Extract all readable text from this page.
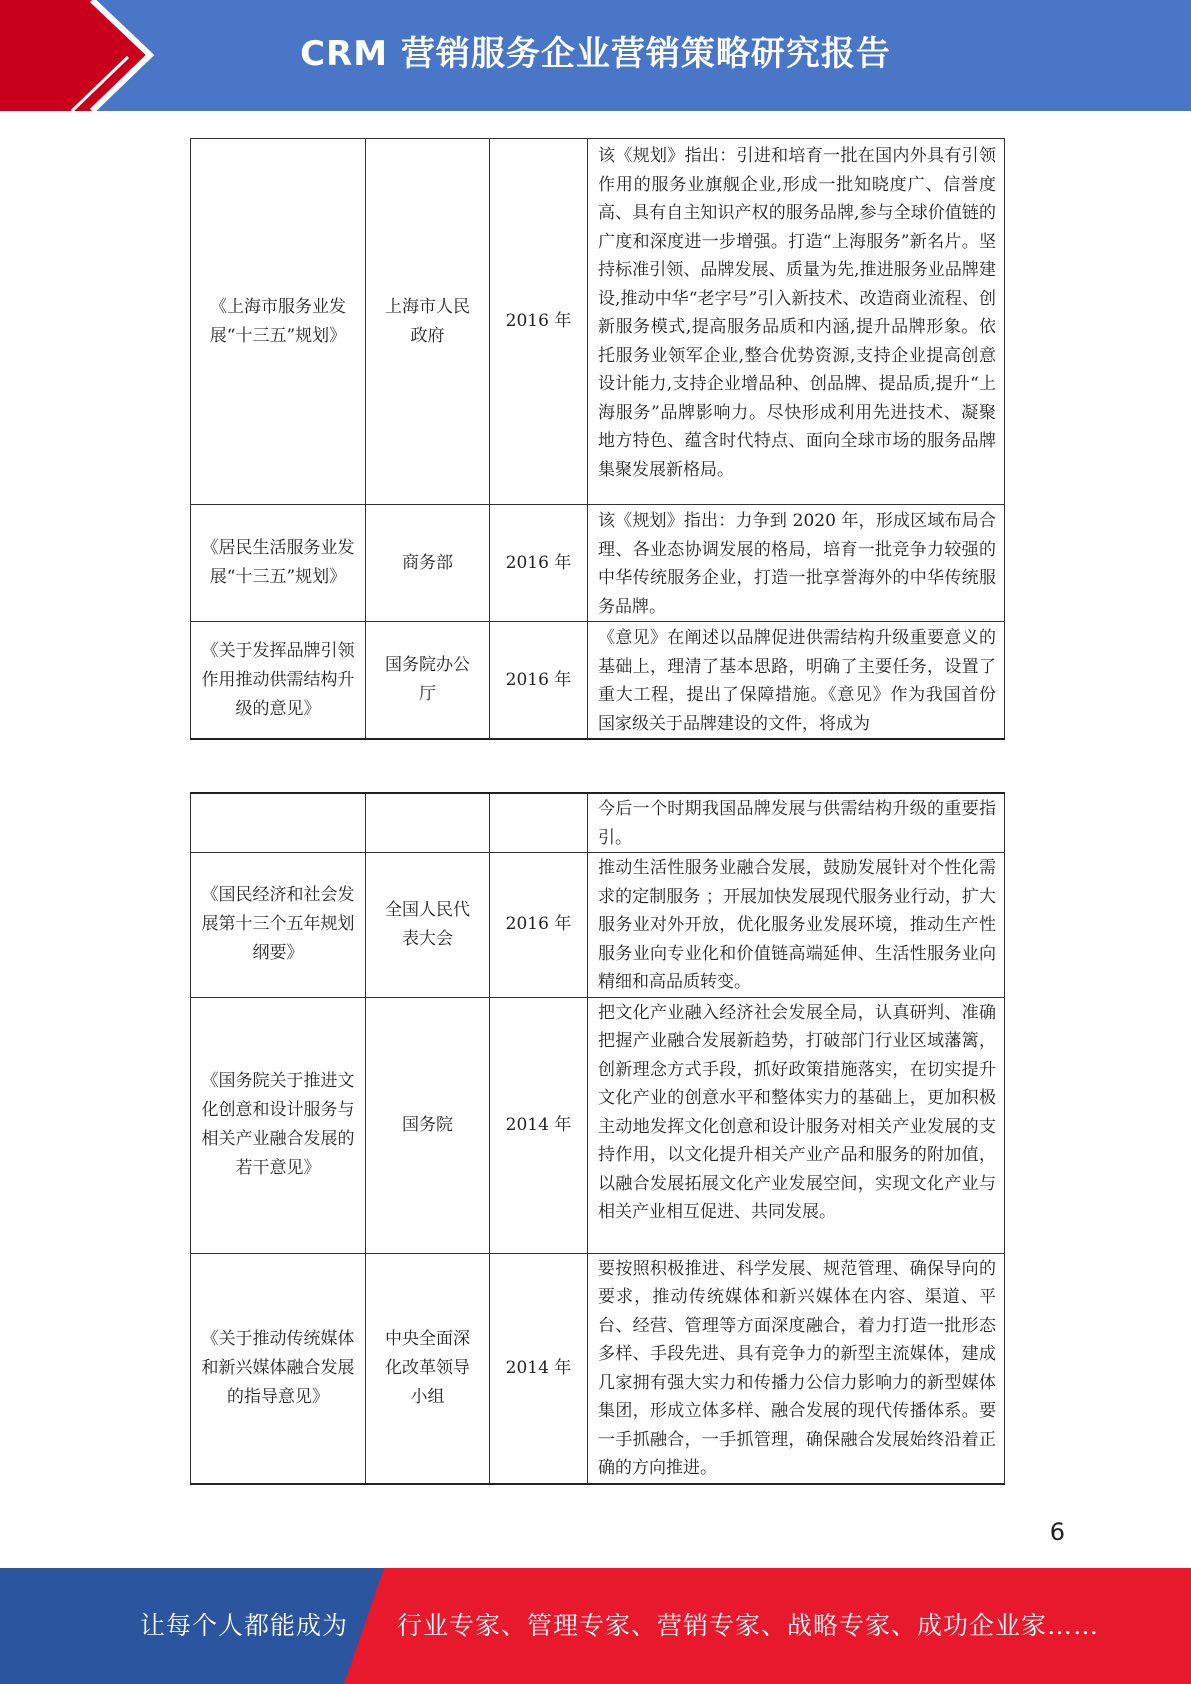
CRM 营销服务企业营销策略研究报告
《上海市服务业发展“十三五”规划》	上海市人民政府	2016 年	该《规划》指出：引进和培育一批在国内外具有引领作用的服务业旗舰企业,形成一批知晓度广、信誉度高、具有自主知识产权的服务品牌,参与全球价值链的广度和深度进一步增强。打造“上海服务”新名片。坚持标准引领、品牌发展、质量为先,推进服务业品牌建设,推动中华“老字号”引入新技术、改造商业流程、创新服务模式,提高服务品质和内涵,提升品牌形象。依托服务业领军企业,整合优势资源,支持企业提高创意设计能力,支持企业增品种、创品牌、提品质,提升“上海服务”品牌影响力。尽快形成利用先进技术、凝聚地方特色、蕴含时代特点、面向全球市场的服务品牌集聚发展新格局。
《居民生活服务业发展“十三五”规划》	商务部	2016 年	该《规划》指出：力争到 2020 年，形成区域布局合理、各业态协调发展的格局，培育一批竞争力较强的中华传统服务企业，打造一批享誉海外的中华传统服务品牌。
《关于发挥品牌引领作用推动供需结构升级的意见》	国务院办公厅	2016 年	《意见》在阐述以品牌促进供需结构升级重要意义的基础上，理清了基本思路，明确了主要任务，设置了重大工程，提出了保障措施。《意见》作为我国首份国家级关于品牌建设的文件，将成为
			今后一个时期我国品牌发展与供需结构升级的重要指引。
《国民经济和社会发展第十三个五年规划纲要》	全国人民代表大会	2016 年	推动生活性服务业融合发展，鼓励发展针对个性化需求的定制服务 ；开展加快发展现代服务业行动，扩大服务业对外开放，优化服务业发展环境，推动生产性服务业向专业化和价值链高端延伸、生活性服务业向精细和高品质转变。
《国务院关于推进文化创意和设计服务与相关产业融合发展的若干意见》	国务院	2014 年	把文化产业融入经济社会发展全局，认真研判、准确把握产业融合发展新趋势，打破部门行业区域藩篱，创新理念方式手段，抓好政策措施落实，在切实提升文化产业的创意水平和整体实力的基础上，更加积极主动地发挥文化创意和设计服务对相关产业发展的支持作用，以文化提升相关产业产品和服务的附加值，以融合发展拓展文化产业发展空间，实现文化产业与相关产业相互促进、共同发展。
《关于推动传统媒体和新兴媒体融合发展的指导意见》	中央全面深化改革领导小组	2014 年	要按照积极推进、科学发展、规范管理、确保导向的要求，推动传统媒体和新兴媒体在内容、渠道、平台、经营、管理等方面深度融合，着力打造一批形态多样、手段先进、具有竞争力的新型主流媒体，建成几家拥有强大实力和传播力公信力影响力的新型媒体集团，形成立体多样、融合发展的现代传播体系。要一手抓融合，一手抓管理，确保融合发展始终沿着正确的方向推进。
6
让每个人都能成为 行业专家、管理专家、营销专家、战略专家、成功企业家……
